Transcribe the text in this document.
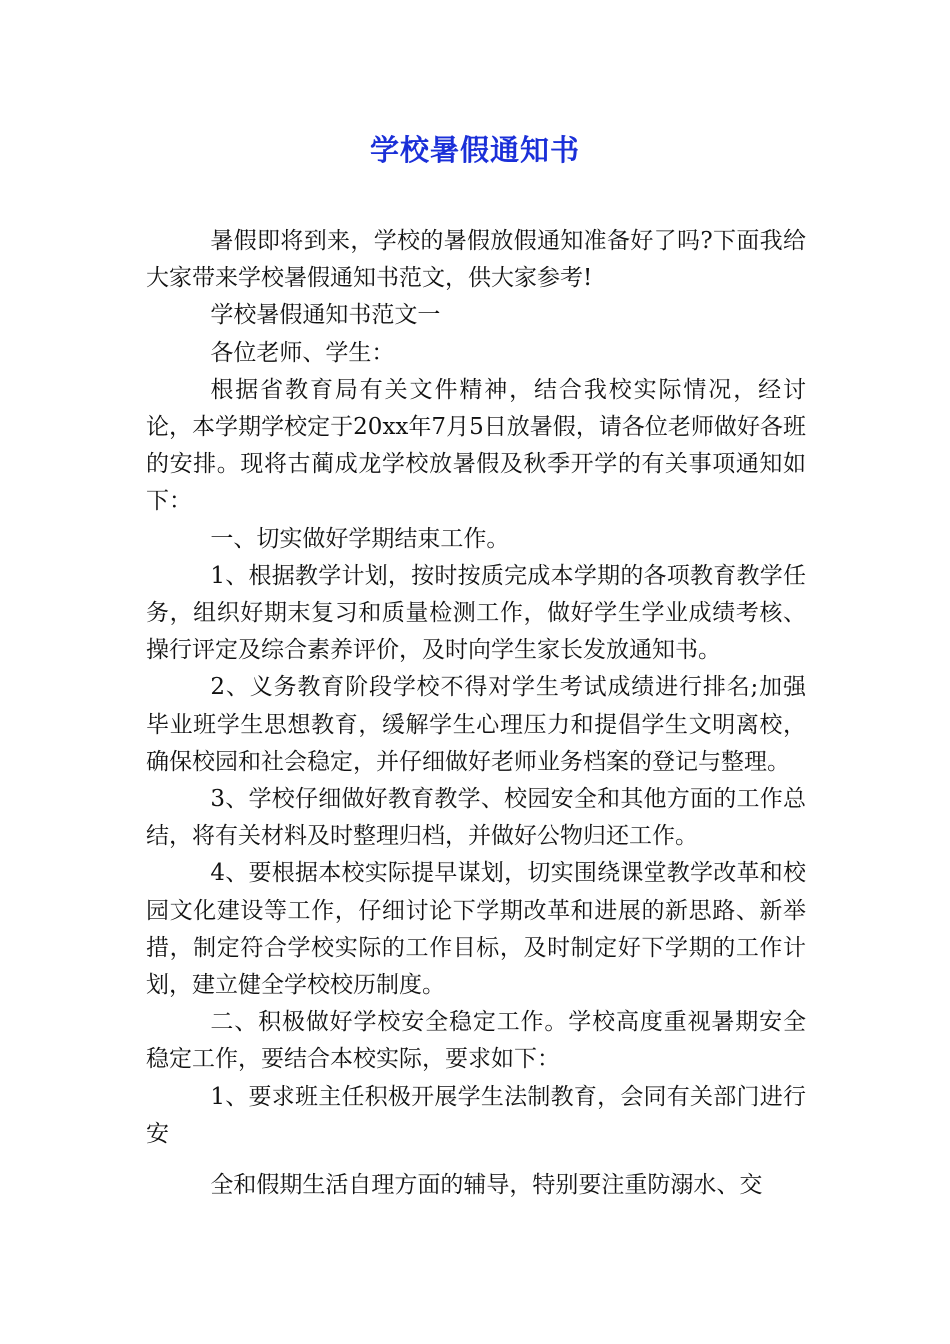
学校暑假通知书

暑假即将到来，学校的暑假放假通知准备好了吗?下面我给大家带来学校暑假通知书范文，供大家参考!

学校暑假通知书范文一

各位老师、学生：

根据省教育局有关文件精神，结合我校实际情况，经讨论，本学期学校定于20xx年7月5日放暑假，请各位老师做好各班的安排。现将古蔺成龙学校放暑假及秋季开学的有关事项通知如下：

一、切实做好学期结束工作。

1、根据教学计划，按时按质完成本学期的各项教育教学任务，组织好期末复习和质量检测工作，做好学生学业成绩考核、操行评定及综合素养评价，及时向学生家长发放通知书。

2、义务教育阶段学校不得对学生考试成绩进行排名;加强毕业班学生思想教育，缓解学生心理压力和提倡学生文明离校，确保校园和社会稳定，并仔细做好老师业务档案的登记与整理。

3、学校仔细做好教育教学、校园安全和其他方面的工作总结，将有关材料及时整理归档，并做好公物归还工作。

4、要根据本校实际提早谋划，切实围绕课堂教学改革和校园文化建设等工作，仔细讨论下学期改革和进展的新思路、新举措，制定符合学校实际的工作目标，及时制定好下学期的工作计划，建立健全学校校历制度。

二、积极做好学校安全稳定工作。学校高度重视暑期安全稳定工作，要结合本校实际，要求如下：

1、要求班主任积极开展学生法制教育，会同有关部门进行安

全和假期生活自理方面的辅导，特别要注重防溺水、交
